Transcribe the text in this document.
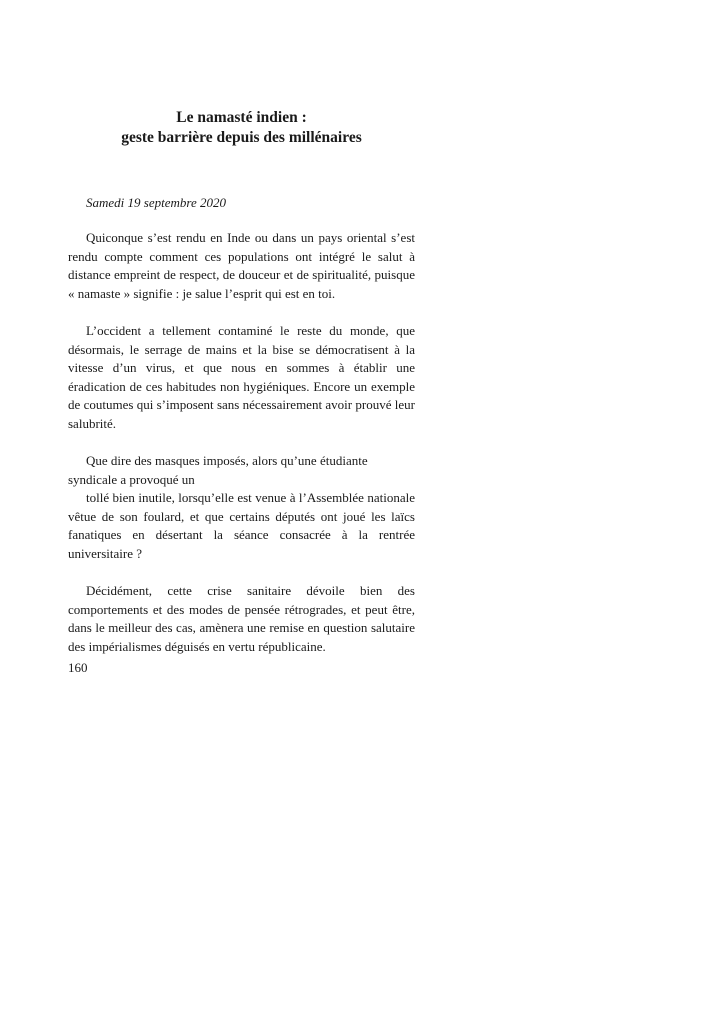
Le namasté indien :
geste barrière depuis des millénaires

Samedi 19 septembre 2020

Quiconque s’est rendu en Inde ou dans un pays oriental s’est rendu compte comment ces populations ont intégré le salut à distance empreint de respect, de douceur et de spiritualité, puisque « namaste » signifie : je salue l’esprit qui est en toi.

L’occident a tellement contaminé le reste du monde, que désormais, le serrage de mains et la bise se démocratisent à la vitesse d’un virus, et que nous en sommes à établir une éradication de ces habitudes non hygiéniques. Encore un exemple de coutumes qui s’imposent sans nécessairement avoir prouvé leur salubrité.

Que dire des masques imposés, alors qu’une étudiante syndicale a provoqué un

tollé bien inutile, lorsqu’elle est venue à l’Assemblée nationale vêtue de son foulard, et que certains députés ont joué les laïcs fanatiques en désertant la séance consacrée à la rentrée universitaire ?

Décidément, cette crise sanitaire dévoile bien des comportements et des modes de pensée rétrogrades, et peut être, dans le meilleur des cas, amènera une remise en question salutaire des impérialismes déguisés en vertu républicaine.

160
